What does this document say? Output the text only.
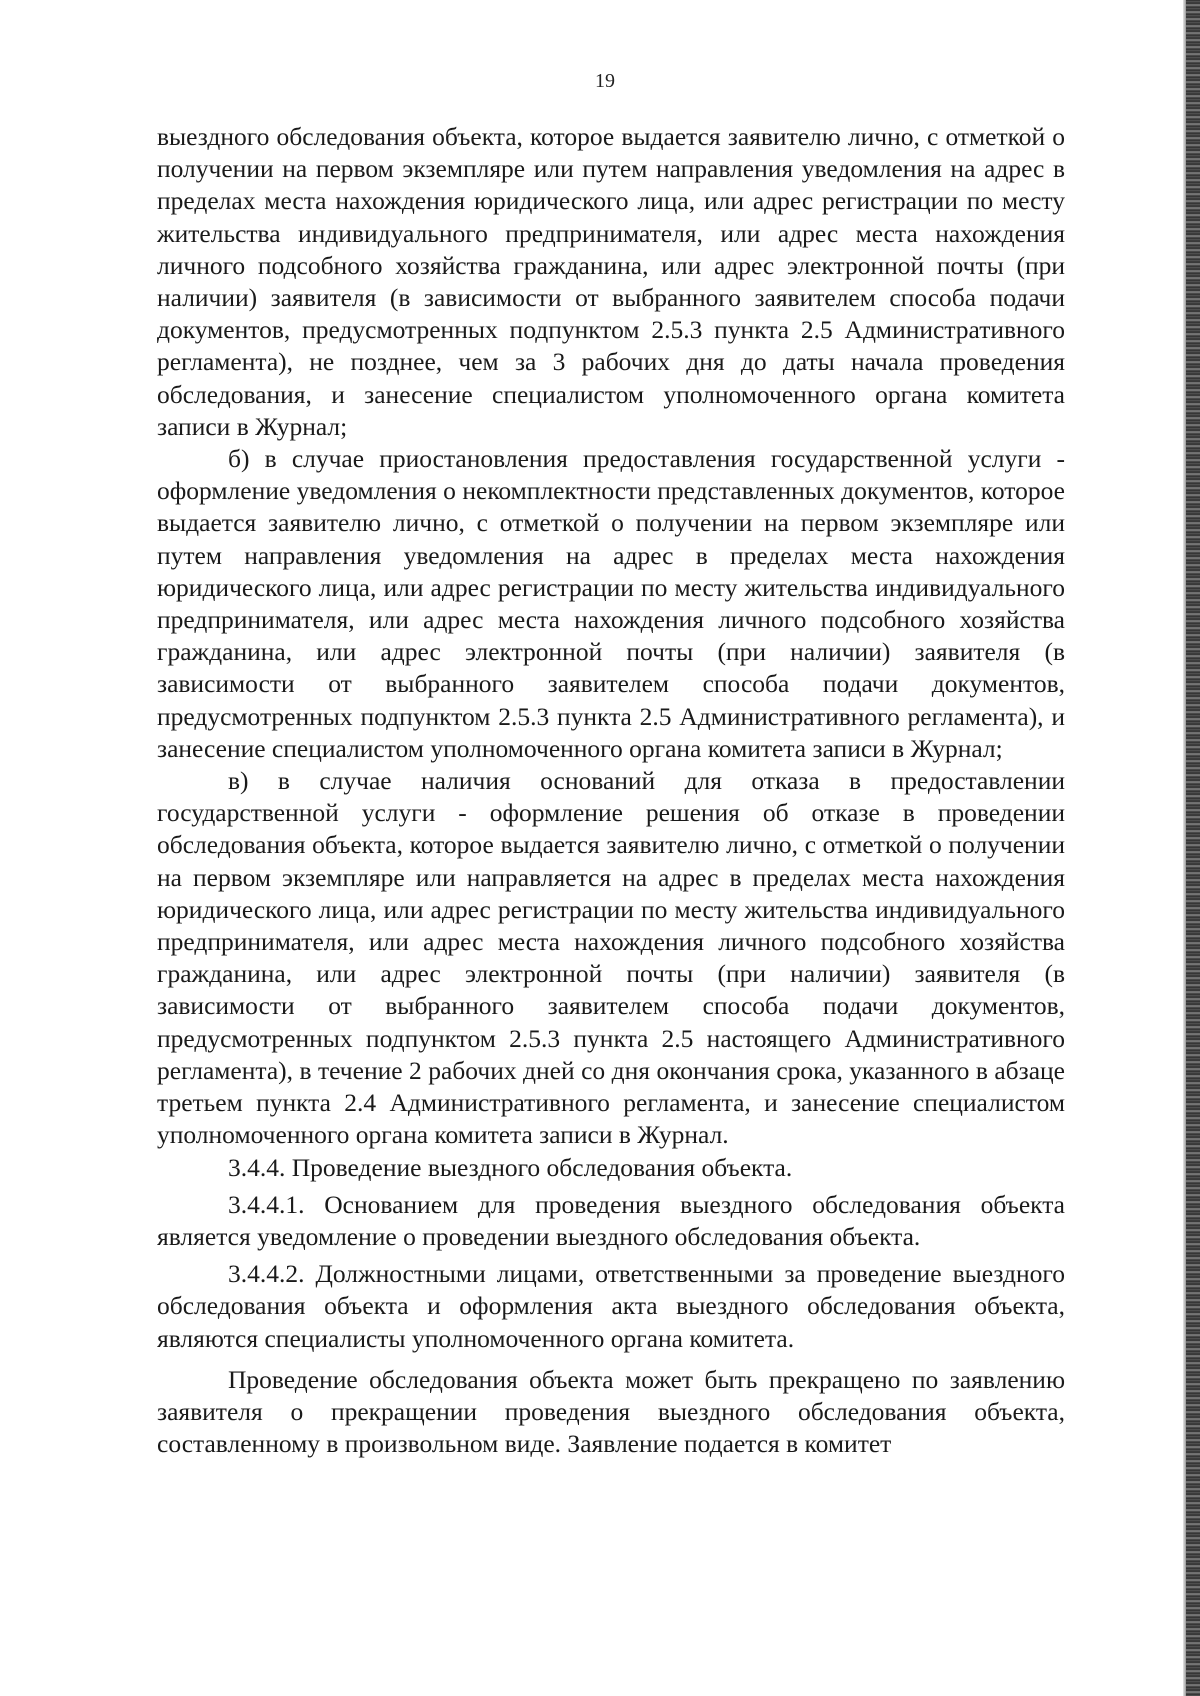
19

выездного обследования объекта, которое выдается заявителю лично, с отметкой о получении на первом экземпляре или путем направления уведомления на адрес в пределах места нахождения юридического лица, или адрес регистрации по месту жительства индивидуального предпринимателя, или адрес места нахождения личного подсобного хозяйства гражданина, или адрес электронной почты (при наличии) заявителя (в зависимости от выбранного заявителем способа подачи документов, предусмотренных подпунктом 2.5.3 пункта 2.5 Административного регламента), не позднее, чем за 3 рабочих дня до даты начала проведения обследования, и занесение специалистом уполномоченного органа комитета записи в Журнал;

б) в случае приостановления предоставления государственной услуги - оформление уведомления о некомплектности представленных документов, которое выдается заявителю лично, с отметкой о получении на первом экземпляре или путем направления уведомления на адрес в пределах места нахождения юридического лица, или адрес регистрации по месту жительства индивидуального предпринимателя, или адрес места нахождения личного подсобного хозяйства гражданина, или адрес электронной почты (при наличии) заявителя (в зависимости от выбранного заявителем способа подачи документов, предусмотренных подпунктом 2.5.3 пункта 2.5 Административного регламента), и занесение специалистом уполномоченного органа комитета записи в Журнал;

в) в случае наличия оснований для отказа в предоставлении государственной услуги - оформление решения об отказе в проведении обследования объекта, которое выдается заявителю лично, с отметкой о получении на первом экземпляре или направляется на адрес в пределах места нахождения юридического лица, или адрес регистрации по месту жительства индивидуального предпринимателя, или адрес места нахождения личного подсобного хозяйства гражданина, или адрес электронной почты (при наличии) заявителя (в зависимости от выбранного заявителем способа подачи документов, предусмотренных подпунктом 2.5.3 пункта 2.5 настоящего Административного регламента), в течение 2 рабочих дней со дня окончания срока, указанного в абзаце третьем пункта 2.4 Административного регламента, и занесение специалистом уполномоченного органа комитета записи в Журнал.

3.4.4. Проведение выездного обследования объекта.

3.4.4.1. Основанием для проведения выездного обследования объекта является уведомление о проведении выездного обследования объекта.

3.4.4.2. Должностными лицами, ответственными за проведение выездного обследования объекта и оформления акта выездного обследования объекта, являются специалисты уполномоченного органа комитета.

Проведение обследования объекта может быть прекращено по заявлению заявителя о прекращении проведения выездного обследования объекта, составленному в произвольном виде. Заявление подается в комитет
